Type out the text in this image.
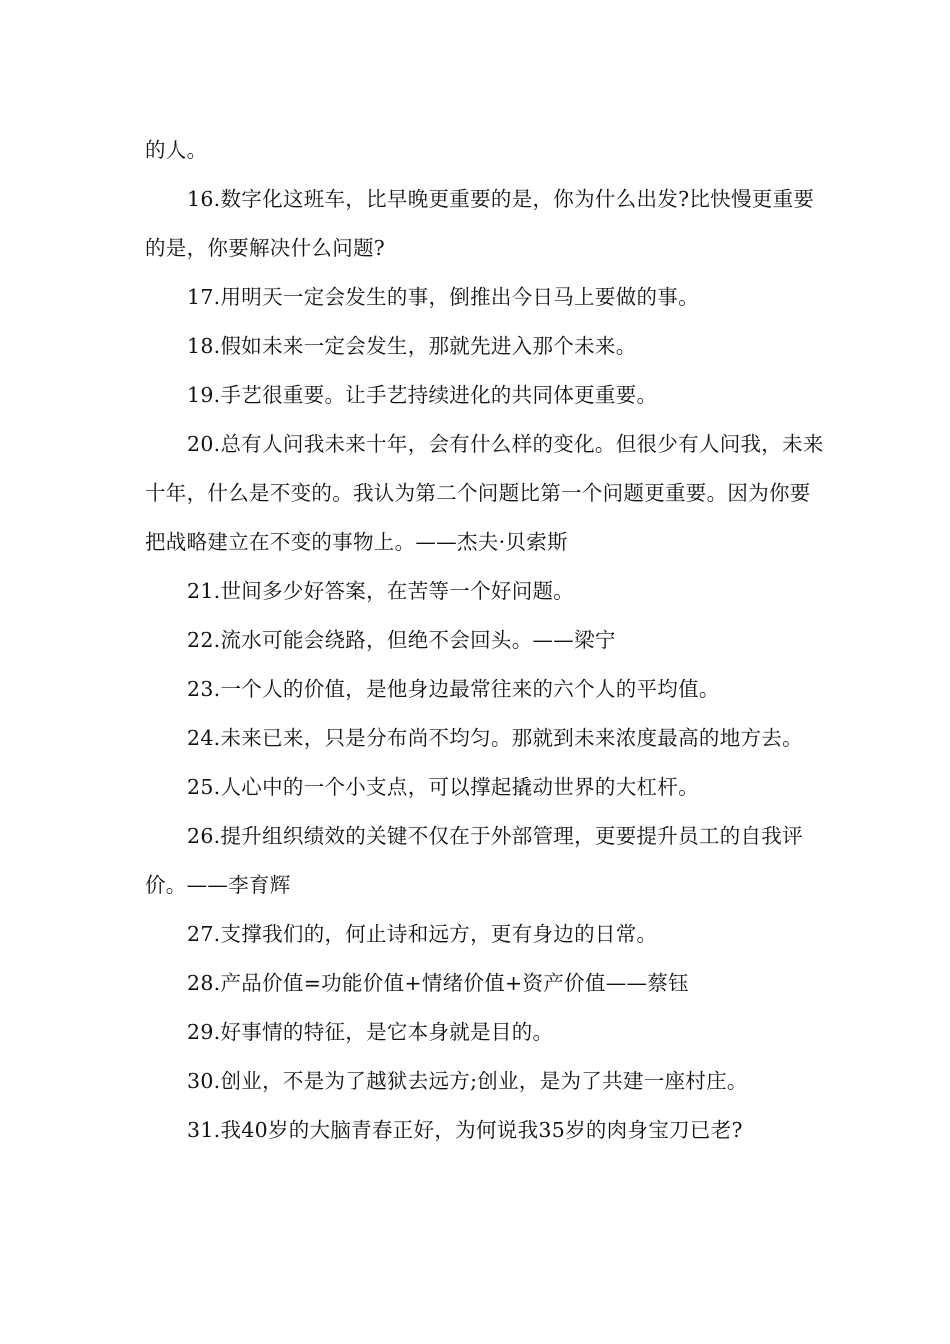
的人。

16.数字化这班车，比早晚更重要的是，你为什么出发?比快慢更重要的是，你要解决什么问题?

17.用明天一定会发生的事，倒推出今日马上要做的事。

18.假如未来一定会发生，那就先进入那个未来。

19.手艺很重要。让手艺持续进化的共同体更重要。

20.总有人问我未来十年，会有什么样的变化。但很少有人问我，未来十年，什么是不变的。我认为第二个问题比第一个问题更重要。因为你要把战略建立在不变的事物上。——杰夫·贝索斯

21.世间多少好答案，在苦等一个好问题。

22.流水可能会绕路，但绝不会回头。——梁宁

23.一个人的价值，是他身边最常往来的六个人的平均值。

24.未来已来，只是分布尚不均匀。那就到未来浓度最高的地方去。

25.人心中的一个小支点，可以撑起撬动世界的大杠杆。

26.提升组织绩效的关键不仅在于外部管理，更要提升员工的自我评价。——李育辉

27.支撑我们的，何止诗和远方，更有身边的日常。

28.产品价值=功能价值+情绪价值+资产价值——蔡钰

29.好事情的特征，是它本身就是目的。

30.创业，不是为了越狱去远方;创业，是为了共建一座村庄。

31.我40岁的大脑青春正好，为何说我35岁的肉身宝刀已老?
